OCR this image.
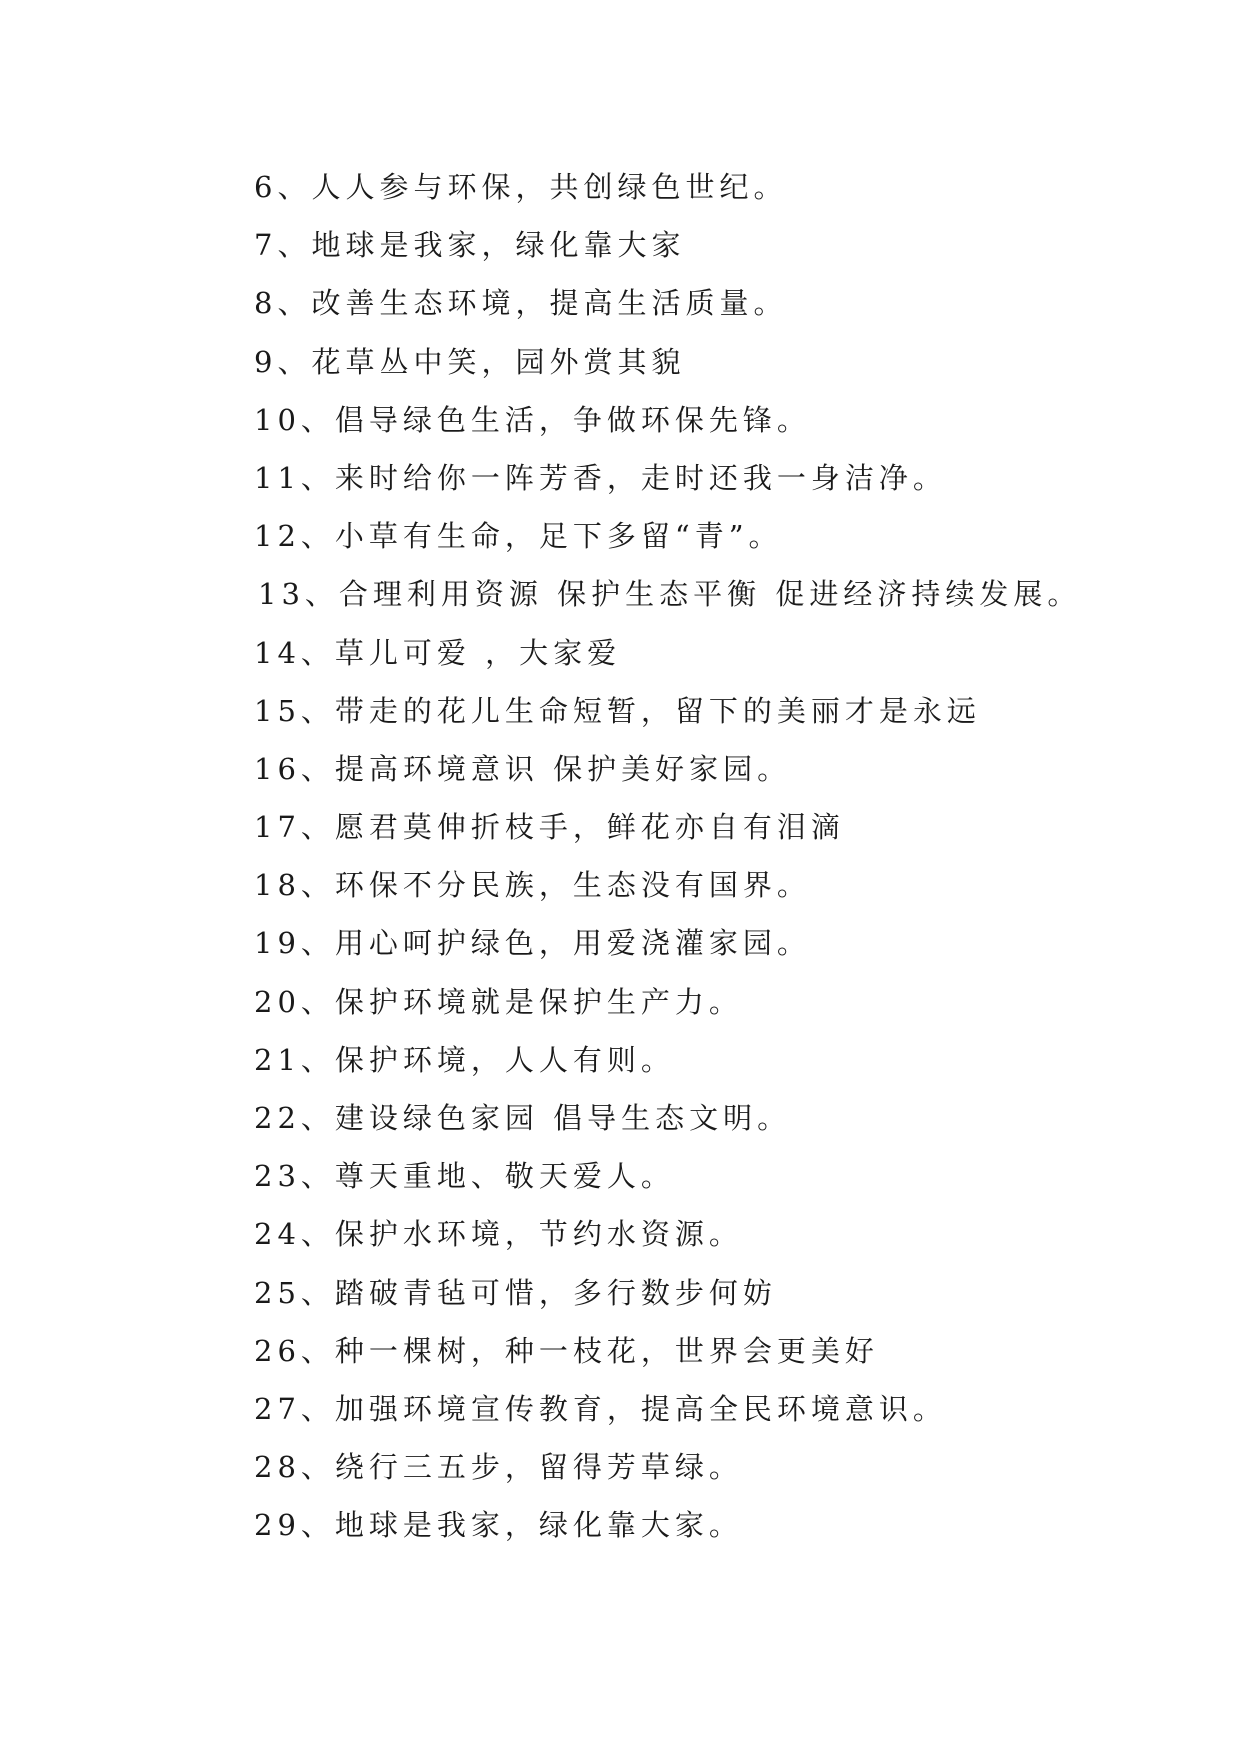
6、人人参与环保，共创绿色世纪。
7、地球是我家，绿化靠大家
8、改善生态环境，提高生活质量。
9、花草丛中笑，园外赏其貌
10、倡导绿色生活，争做环保先锋。
11、来时给你一阵芳香，走时还我一身洁净。
12、小草有生命，足下多留“青”。
13、合理利用资源 保护生态平衡 促进经济持续发展。
14、草儿可爱 ，大家爱
15、带走的花儿生命短暂，留下的美丽才是永远
16、提高环境意识 保护美好家园。
17、愿君莫伸折枝手，鲜花亦自有泪滴
18、环保不分民族，生态没有国界。
19、用心呵护绿色，用爱浇灌家园。
20、保护环境就是保护生产力。
21、保护环境，人人有则。
22、建设绿色家园 倡导生态文明。
23、尊天重地、敬天爱人。
24、保护水环境，节约水资源。
25、踏破青毡可惜，多行数步何妨
26、种一棵树，种一枝花，世界会更美好
27、加强环境宣传教育，提高全民环境意识。
28、绕行三五步，留得芳草绿。
29、地球是我家，绿化靠大家。
